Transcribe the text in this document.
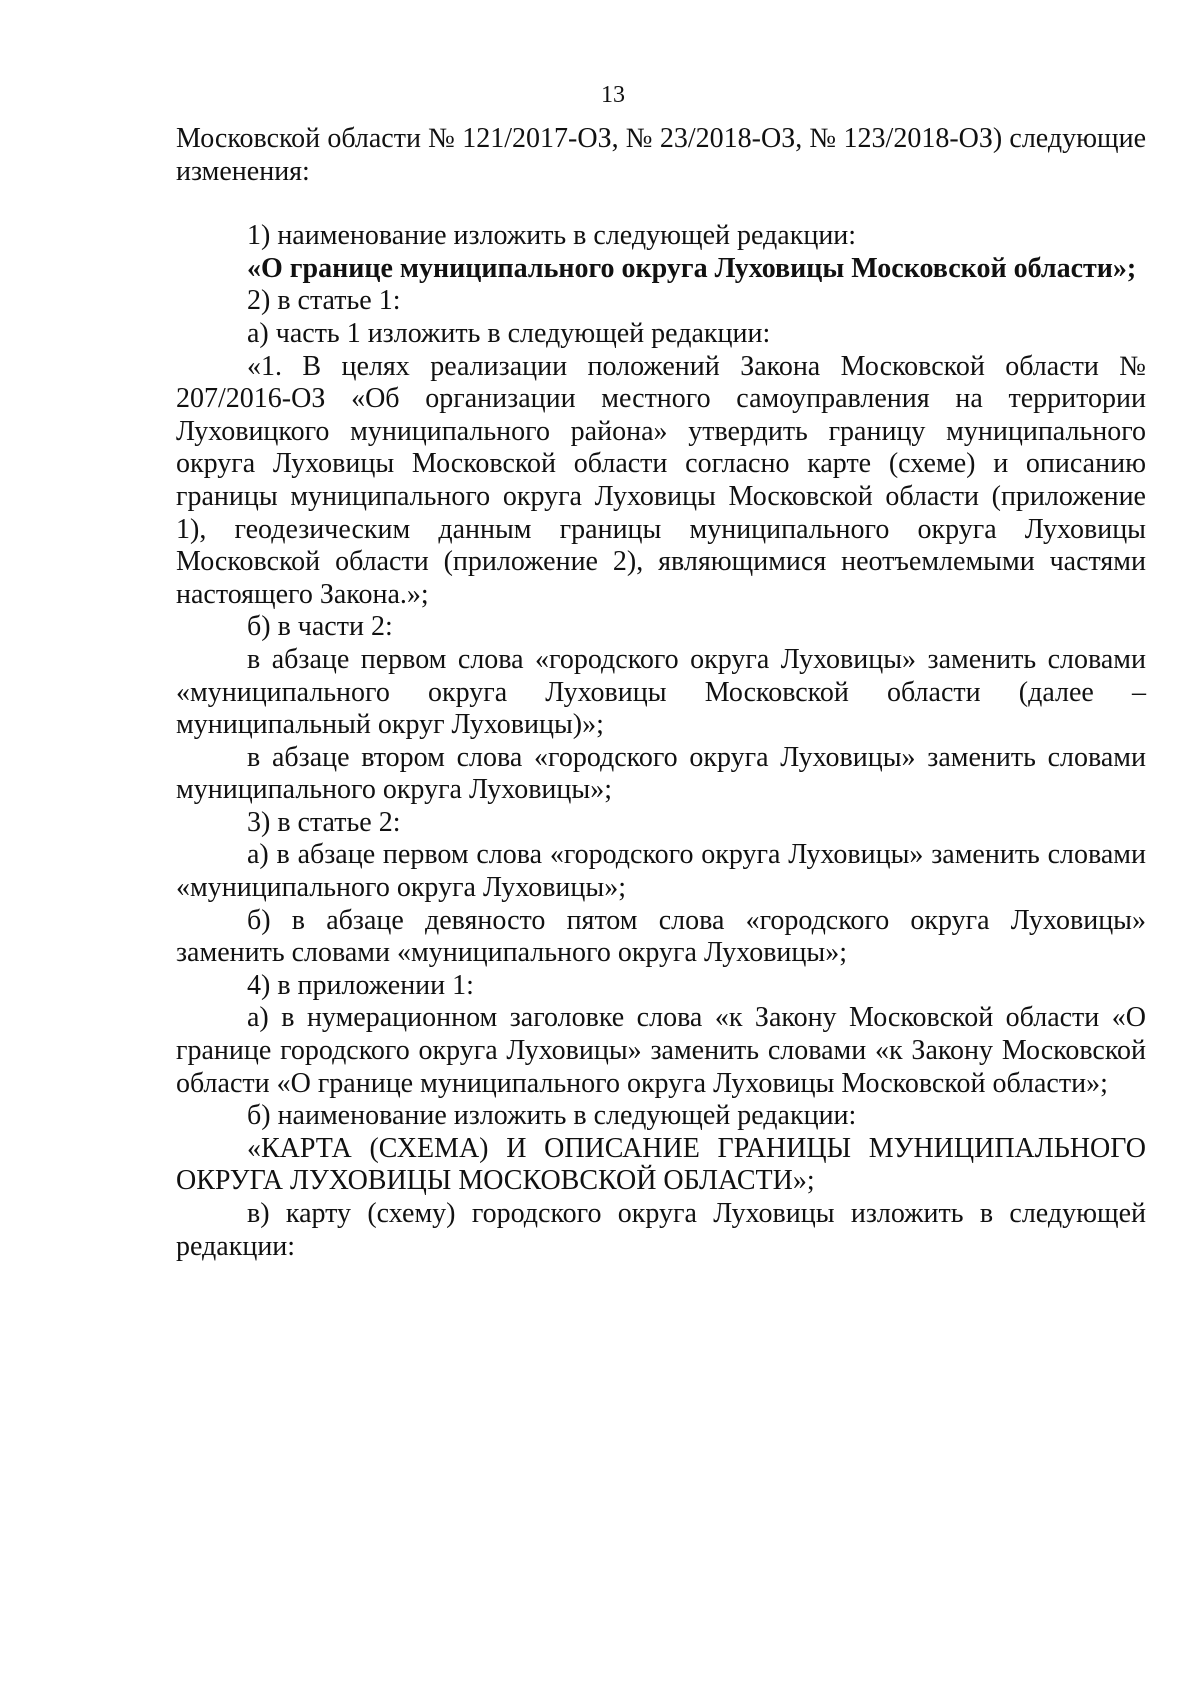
13

Московской области № 121/2017-ОЗ, № 23/2018-ОЗ, № 123/2018-ОЗ) следующие изменения:

1) наименование изложить в следующей редакции:

«О границе муниципального округа Луховицы Московской области»;

2) в статье 1:

а) часть 1 изложить в следующей редакции:

«1. В целях реализации положений Закона Московской области № 207/2016-ОЗ «Об организации местного самоуправления на территории Луховицкого муниципального района» утвердить границу муниципального округа Луховицы Московской области согласно карте (схеме) и описанию границы муниципального округа Луховицы Московской области (приложение 1), геодезическим данным границы муниципального округа Луховицы Московской области (приложение 2), являющимися неотъемлемыми частями настоящего Закона.»;

б) в части 2:

в абзаце первом слова «городского округа Луховицы» заменить словами «муниципального округа Луховицы Московской области (далее – муниципальный округ Луховицы)»;

в абзаце втором слова «городского округа Луховицы» заменить словами муниципального округа Луховицы»;

3) в статье 2:

а) в абзаце первом слова «городского округа Луховицы» заменить словами «муниципального округа Луховицы»;

б) в абзаце девяносто пятом слова «городского округа Луховицы» заменить словами «муниципального округа Луховицы»;

4) в приложении 1:

а) в нумерационном заголовке слова «к Закону Московской области «О границе городского округа Луховицы» заменить словами «к Закону Московской области «О границе муниципального округа Луховицы Московской области»;

б) наименование изложить в следующей редакции:

«КАРТА (СХЕМА) И ОПИСАНИЕ ГРАНИЦЫ МУНИЦИПАЛЬНОГО ОКРУГА ЛУХОВИЦЫ МОСКОВСКОЙ ОБЛАСТИ»;

в) карту (схему) городского округа Луховицы изложить в следующей редакции:
